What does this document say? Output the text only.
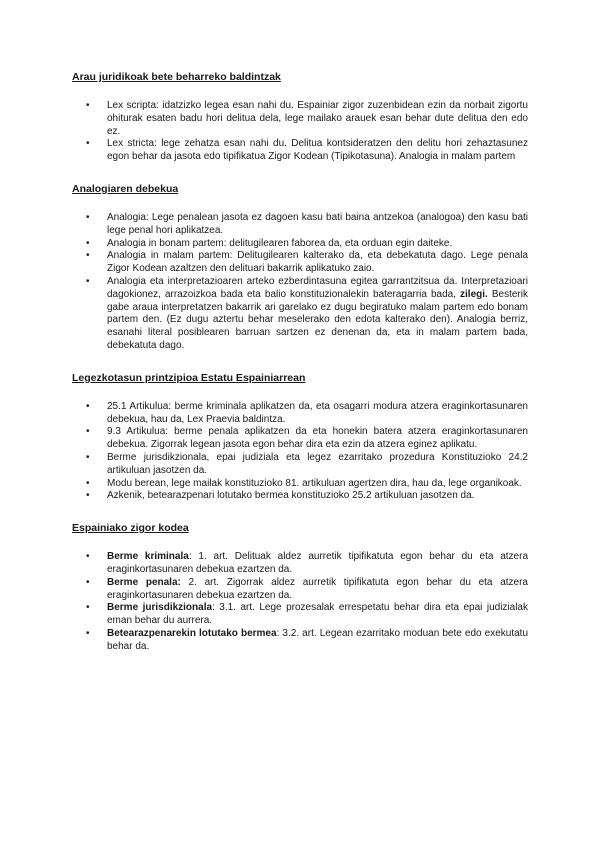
Arau juridikoak bete beharreko baldintzak
• Lex scripta: idatzizko legea esan nahi du. Espainiar zigor zuzenbidean ezin da norbait zigortu ohiturak esaten badu hori delitua dela, lege mailako arauek esan behar dute delitua den edo ez.
• Lex stricta: lege zehatza esan nahi du. Delitua kontsideratzen den delitu hori zehaztasunez egon behar da jasota edo tipifikatua Zigor Kodean (Tipikotasuna). Analogia in malam partem
Analogiaren debekua
• Analogia: Lege penalean jasota ez dagoen kasu bati baina antzekoa (analogoa) den kasu bati lege penal hori aplikatzea.
• Analogia in bonam partem: delitugilearen faborea da, eta orduan egin daiteke.
• Analogia in malam partem: Delitugilearen kalterako da, eta debekatuta dago. Lege penala Zigor Kodean azaltzen den delituari bakarrik aplikatuko zaio.
• Analogia eta interpretazioaren arteko ezberdintasuna egitea garrantzitsua da. Interpretazioari dagokionez, arrazoizkoa bada eta balio konstituzionalekin bateragarria bada, zilegi. Besterik gabe araua interpretatzen bakarrik ari garelako ez dugu begiratuko malam partem edo bonam partem den. (Ez dugu aztertu behar meselerako den edota kalterako den). Analogia berriz, esanahi literal posiblearen barruan sartzen ez denenan da, eta in malam partem bada, debekatuta dago.
Legezkotasun printzipioa Estatu Espainiarrean
• 25.1 Artikulua: berme kriminala aplikatzen da, eta osagarri modura atzera eraginkortasunaren debekua, hau da, Lex Praevia baldintza.
• 9.3 Artikulua: berme penala aplikatzen da eta honekin batera atzera eraginkortasunaren debekua. Zigorrak legean jasota egon behar dira eta ezin da atzera eginez aplikatu.
• Berme jurisdikzionala, epai judiziala eta legez ezarritako prozedura Konstituzioko 24.2 artikuluan jasotzen da.
• Modu berean, lege mailak konstituzioko 81. artikuluan agertzen dira, hau da, lege organikoak.
• Azkenik, betearazpenari lotutako bermea konstituzioko 25.2 artikuluan jasotzen da.
Espainiako zigor kodea
• Berme kriminala: 1. art. Delituak aldez aurretik tipifikatuta egon behar du eta atzera eraginkortasunaren debekua ezartzen da.
• Berme penala: 2. art. Zigorrak aldez aurretik tipifikatuta egon behar du eta atzera eraginkortasunaren debekua ezartzen da.
• Berme jurisdikzionala: 3.1. art. Lege prozesalak errespetatu behar dira eta epai judizialak eman behar du aurrera.
• Betearazpenarekin lotutako bermea: 3.2. art. Legean ezarritako moduan bete edo exekutatu behar da.
